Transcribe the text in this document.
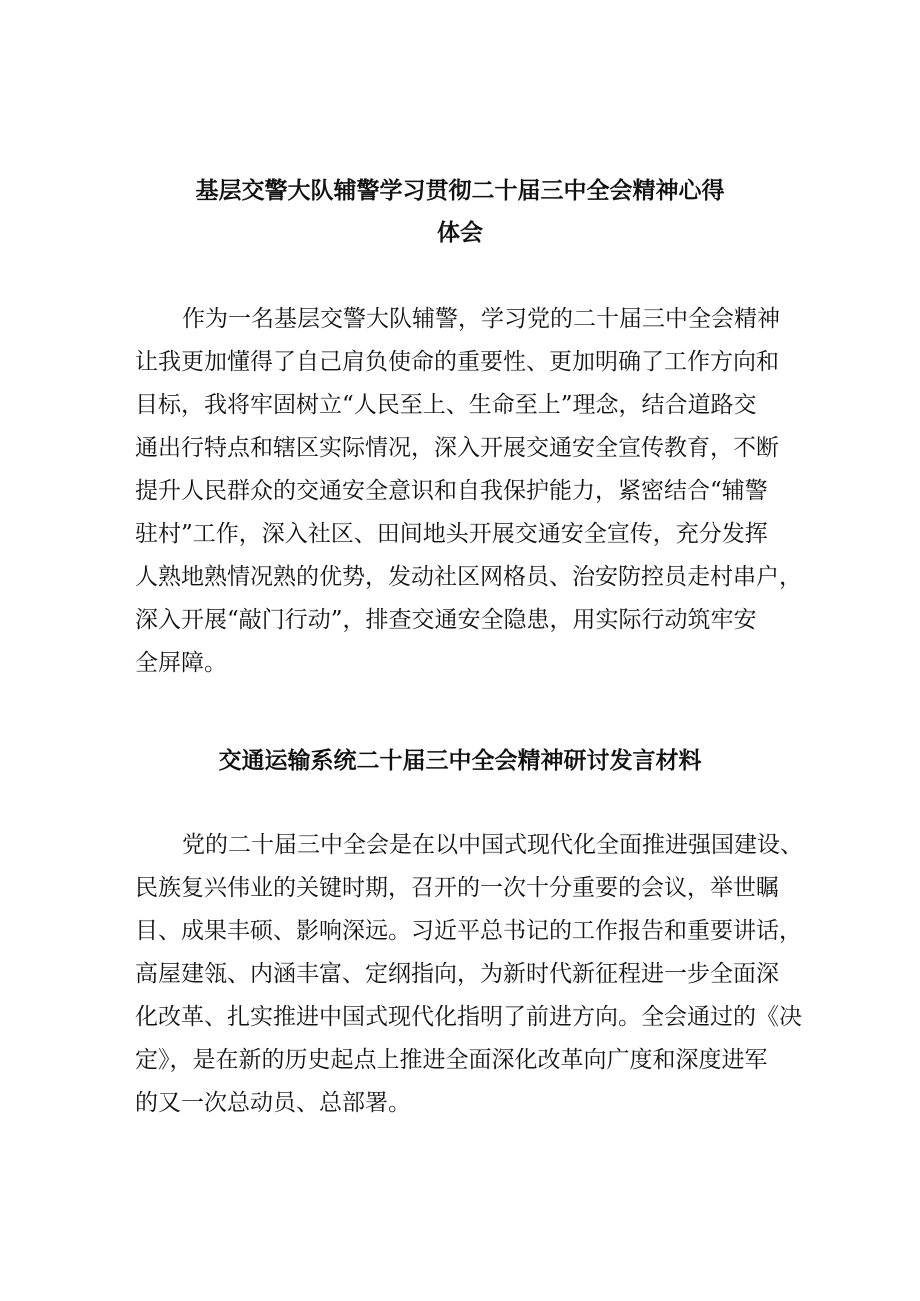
基层交警大队辅警学习贯彻二十届三中全会精神心得
体会

作为一名基层交警大队辅警，学习党的二十届三中全会精神

让我更加懂得了自己肩负使命的重要性、更加明确了工作方向和

目标，我将牢固树立“人民至上、生命至上”理念，结合道路交

通出行特点和辖区实际情况，深入开展交通安全宣传教育，不断

提升人民群众的交通安全意识和自我保护能力，紧密结合“辅警

驻村”工作，深入社区、田间地头开展交通安全宣传，充分发挥

人熟地熟情况熟的优势，发动社区网格员、治安防控员走村串户，

深入开展“敲门行动”，排查交通安全隐患，用实际行动筑牢安

全屏障。

交通运输系统二十届三中全会精神研讨发言材料

党的二十届三中全会是在以中国式现代化全面推进强国建设、

民族复兴伟业的关键时期，召开的一次十分重要的会议，举世瞩

目、成果丰硕、影响深远。习近平总书记的工作报告和重要讲话，

高屋建瓴、内涵丰富、定纲指向，为新时代新征程进一步全面深

化改革、扎实推进中国式现代化指明了前进方向。全会通过的《决

定》，是在新的历史起点上推进全面深化改革向广度和深度进军

的又一次总动员、总部署。
